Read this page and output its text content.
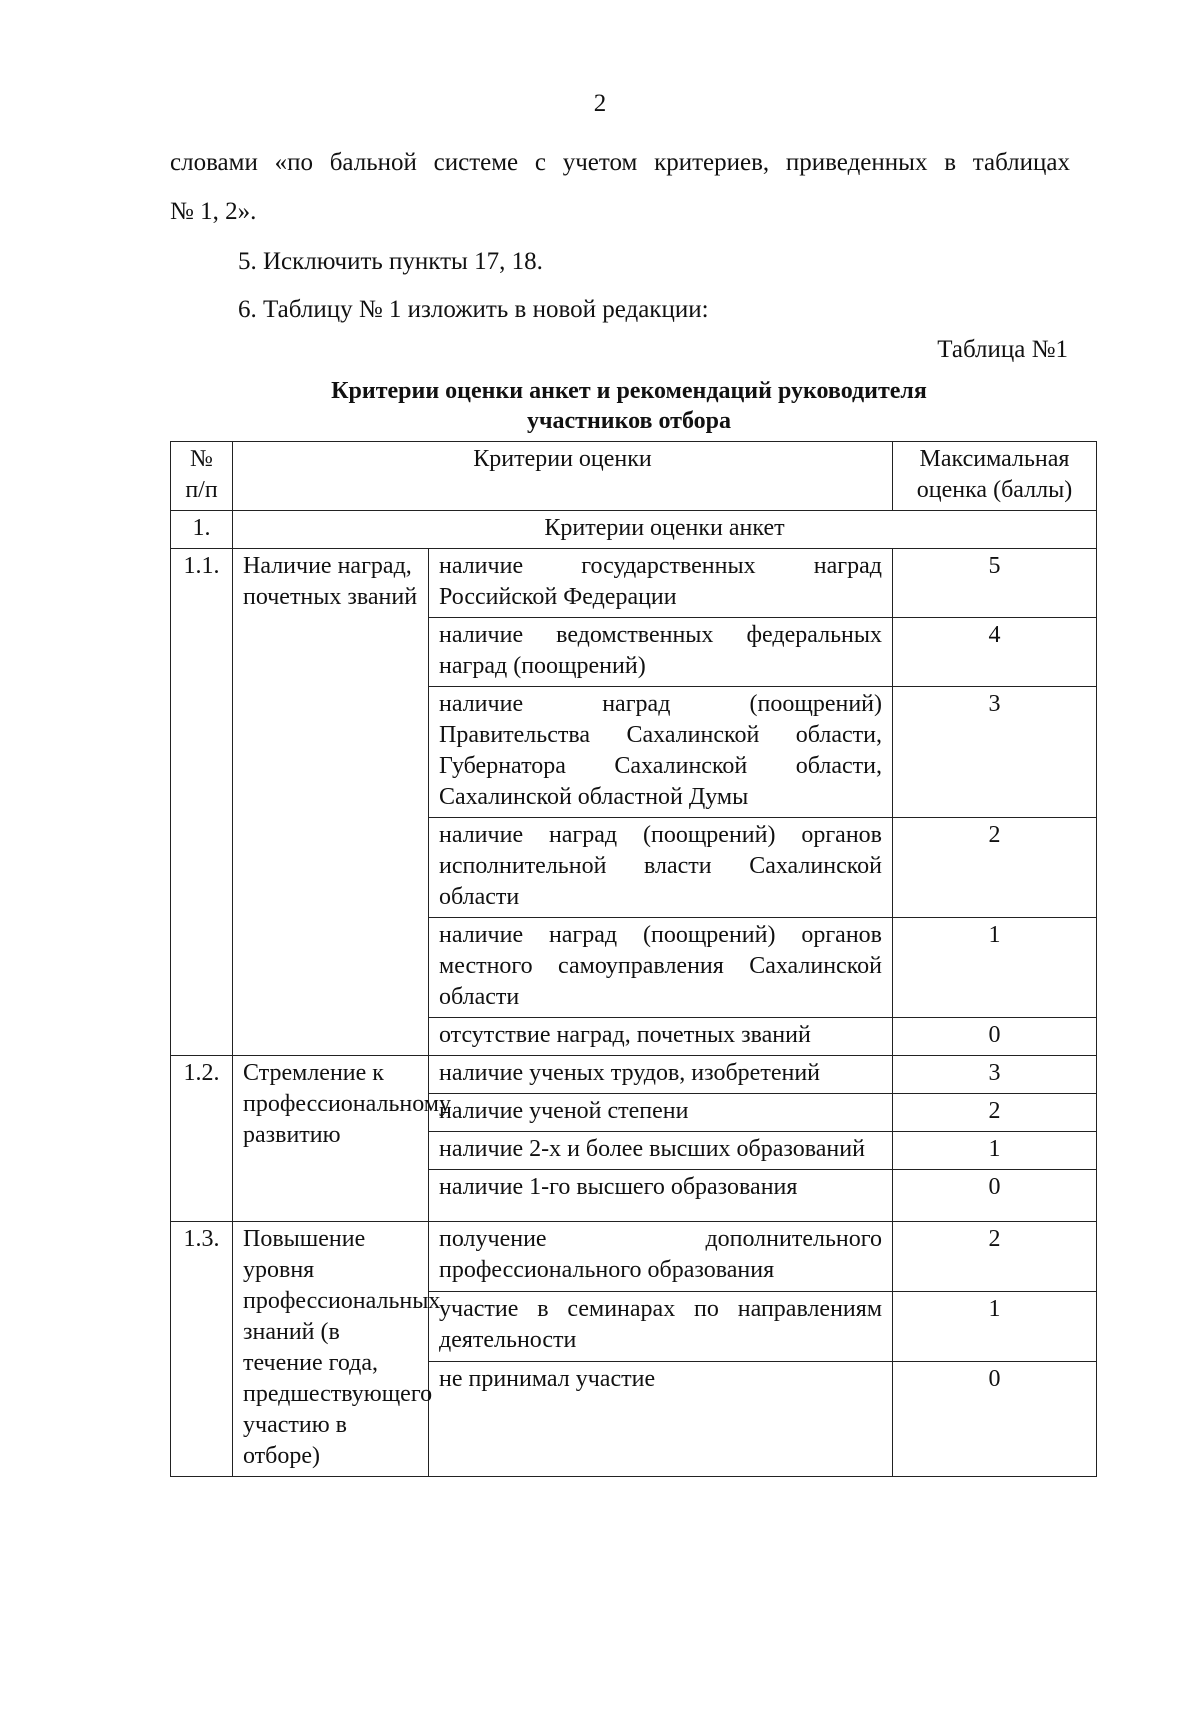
2
словами «по бальной системе с учетом критериев, приведенных в таблицах
№ 1, 2».
5. Исключить пункты 17, 18.
6. Таблицу № 1 изложить в новой редакции:
Таблица №1
Критерии оценки анкет и рекомендаций руководителя
участников отбора
№ п/п	Критерии оценки		Максимальная оценка (баллы)
1.	Критерии оценки анкет		
1.1.	Наличие наград, почетных званий	наличие государственных наград Российской Федерации	5
		наличие ведомственных федеральных наград (поощрений)	4
		наличие наград (поощрений) Правительства Сахалинской области, Губернатора Сахалинской области, Сахалинской областной Думы	3
		наличие наград (поощрений) органов исполнительной власти Сахалинской области	2
		наличие наград (поощрений) органов местного самоуправления Сахалинской области	1
		отсутствие наград, почетных званий	0
1.2.	Стремление к профессиональному развитию	наличие ученых трудов, изобретений	3
		наличие ученой степени	2
		наличие 2-х и более высших образований	1
		наличие 1-го высшего образования	0
1.3.	Повышение уровня профессиональных знаний (в течение года, предшествующего участию в отборе)	получение дополнительного профессионального образования	2
		участие в семинарах по направлениям деятельности	1
		не принимал участие	0
